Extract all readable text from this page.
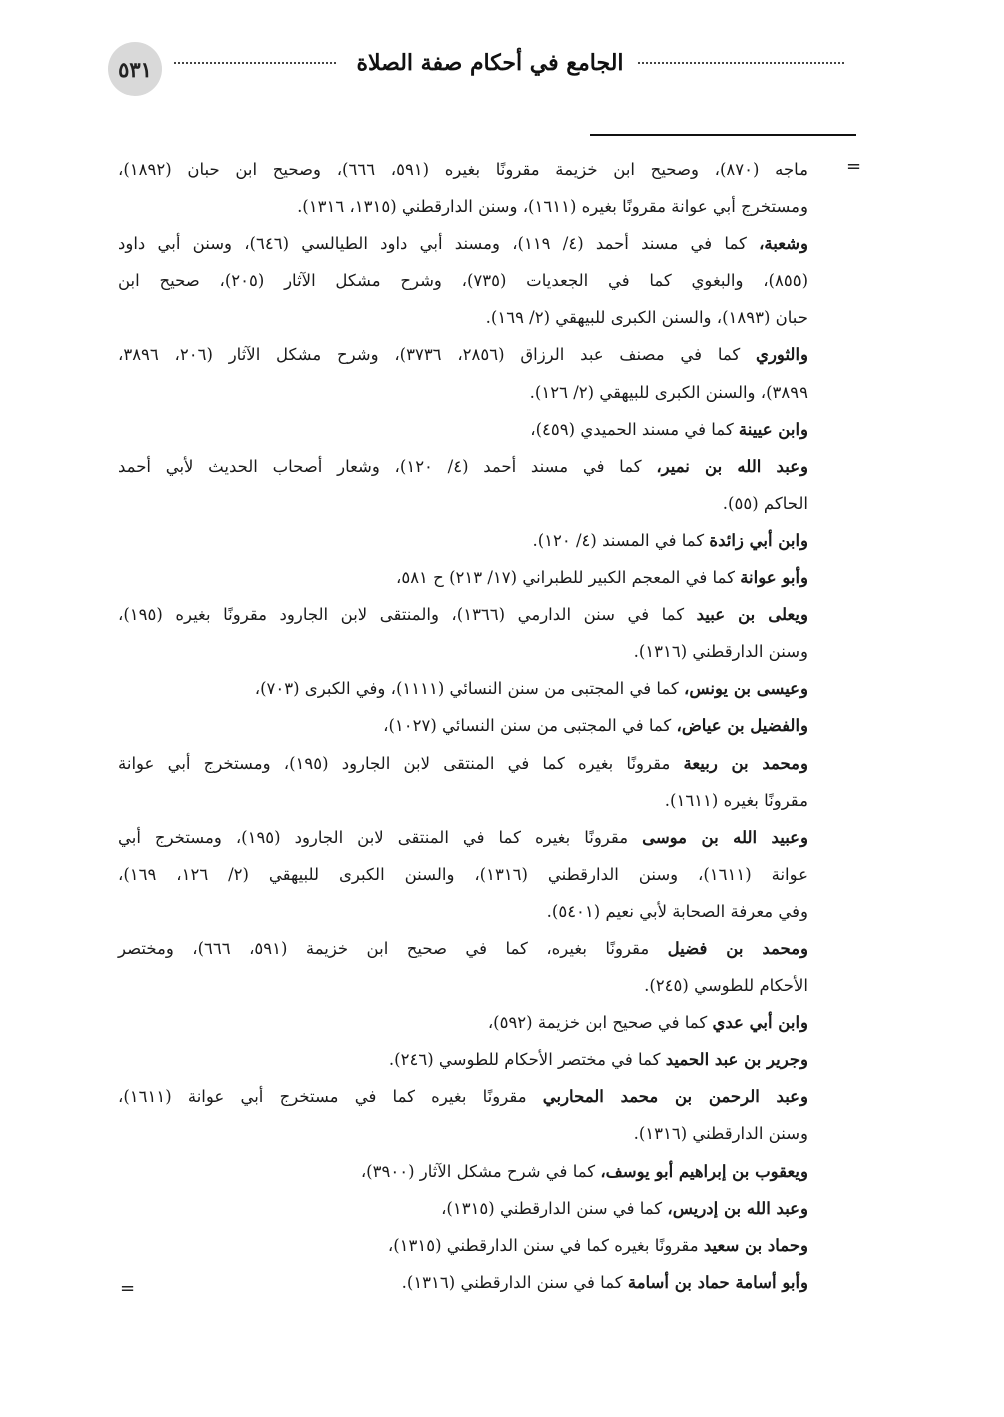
٥٣١	الجامع في أحكام صفة الصلاة
=
=
ماجه (٨٧٠)، وصحيح ابن خزيمة مقرونًا بغيره (٥٩١، ٦٦٦)، وصحيح ابن حبان (١٨٩٢)،
ومستخرج أبي عوانة مقرونًا بغيره (١٦١١)، وسنن الدارقطني (١٣١٥، ١٣١٦).
وشعبة، كما في مسند أحمد (٤/ ١١٩)، ومسند أبي داود الطيالسي (٦٤٦)، وسنن أبي داود
(٨٥٥)، والبغوي كما في الجعديات (٧٣٥)، وشرح مشكل الآثار (٢٠٥)، صحيح ابن
حبان (١٨٩٣)، والسنن الكبرى للبيهقي (٢/ ١٦٩).
والثوري كما في مصنف عبد الرزاق (٢٨٥٦، ٣٧٣٦)، وشرح مشكل الآثار (٢٠٦، ٣٨٩٦،
٣٨٩٩)، والسنن الكبرى للبيهقي (٢/ ١٢٦).
وابن عيينة كما في مسند الحميدي (٤٥٩)،
وعبد الله بن نمير، كما في مسند أحمد (٤/ ١٢٠)، وشعار أصحاب الحديث لأبي أحمد
الحاكم (٥٥).
وابن أبي زائدة كما في المسند (٤/ ١٢٠).
وأبو عوانة كما في المعجم الكبير للطبراني (١٧/ ٢١٣) ح ٥٨١،
ويعلى بن عبيد كما في سنن الدارمي (١٣٦٦)، والمنتقى لابن الجارود مقرونًا بغيره (١٩٥)،
وسنن الدارقطني (١٣١٦).
وعيسى بن يونس، كما في المجتبى من سنن النسائي (١١١١)، وفي الكبرى (٧٠٣)،
والفضيل بن عياض، كما في المجتبى من سنن النسائي (١٠٢٧)،
ومحمد بن ربيعة مقرونًا بغيره كما في المنتقى لابن الجارود (١٩٥)، ومستخرج أبي عوانة
مقرونًا بغيره (١٦١١).
وعبيد الله بن موسى مقرونًا بغيره كما في المنتقى لابن الجارود (١٩٥)، ومستخرج أبي
عوانة (١٦١١)، وسنن الدارقطني (١٣١٦)، والسنن الكبرى للبيهقي (٢/ ١٢٦، ١٦٩)،
وفي معرفة الصحابة لأبي نعيم (٥٤٠١).
ومحمد بن فضيل مقرونًا بغيره، كما في صحيح ابن خزيمة (٥٩١، ٦٦٦)، ومختصر
الأحكام للطوسي (٢٤٥).
وابن أبي عدي كما في صحيح ابن خزيمة (٥٩٢)،
وجرير بن عبد الحميد كما في مختصر الأحكام للطوسي (٢٤٦).
وعبد الرحمن بن محمد المحاربي مقرونًا بغيره كما في مستخرج أبي عوانة (١٦١١)،
وسنن الدارقطني (١٣١٦).
ويعقوب بن إبراهيم أبو يوسف، كما في شرح مشكل الآثار (٣٩٠٠)،
وعبد الله بن إدريس، كما في سنن الدارقطني (١٣١٥)،
وحماد بن سعيد مقرونًا بغيره كما في سنن الدارقطني (١٣١٥)،
وأبو أسامة حماد بن أسامة كما في سنن الدارقطني (١٣١٦).
